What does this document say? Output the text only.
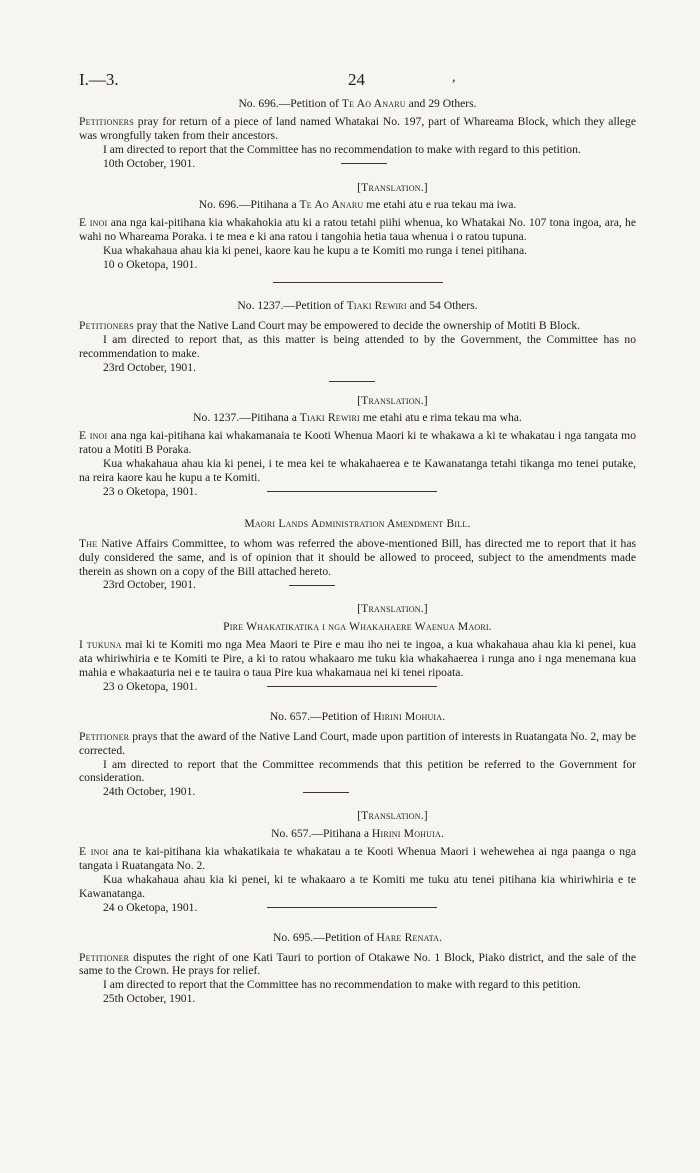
I.—3.	24	,
No. 696.—Petition of Te Ao Anaru and 29 Others.

Petitioners pray for return of a piece of land named Whatakai No. 197, part of Whareama Block, which they allege was wrongfully taken from their ancestors.

I am directed to report that the Committee has no recommendation to make with regard to this petition.

10th October, 1901.
[Translation.]
No. 696.—Pitihana a Te Ao Anaru me etahi atu e rua tekau ma iwa.

E inoi ana nga kai-pitihana kia whakahokia atu ki a ratou tetahi piihi whenua, ko Whatakai No. 107 tona ingoa, ara, he wahi no Whareama Poraka. i te mea e ki ana ratou i tangohia hetia taua whenua i o ratou tupuna.

Kua whakahaua ahau kia ki penei, kaore kau he kupu a te Komiti mo runga i tenei pitihana.

10 o Oketopa, 1901.

No. 1237.—Petition of Tiaki Rewiri and 54 Others.

Petitioners pray that the Native Land Court may be empowered to decide the ownership of Motiti B Block.

I am directed to report that, as this matter is being attended to by the Government, the Committee has no recommendation to make.

23rd October, 1901.

[Translation.]
No. 1237.—Pitihana a Tiaki Rewiri me etahi atu e rima tekau ma wha.

E inoi ana nga kai-pitihana kai whakamanaia te Kooti Whenua Maori ki te whakawa a ki te whakatau i nga tangata mo ratou a Motiti B Poraka.

Kua whakahaua ahau kia ki penei, i te mea kei te whakahaerea e te Kawanatanga tetahi tikanga mo tenei putake, na reira kaore kau he kupu a te Komiti.

23 o Oketopa, 1901.
Maori Lands Administration Amendment Bill.

The Native Affairs Committee, to whom was referred the above-mentioned Bill, has directed me to report that it has duly considered the same, and is of opinion that it should be allowed to proceed, subject to the amendments made therein as shown on a copy of the Bill attached hereto.

23rd October, 1901.
[Translation.]
Pire Whakatikatika i nga Whakahaere Waenua Maori.

I tukuna mai ki te Komiti mo nga Mea Maori te Pire e mau iho nei te ingoa, a kua whakahaua ahau kia ki penei, kua ata whiriwhiria e te Komiti te Pire, a ki to ratou whakaaro me tuku kia whakahaerea i runga ano i nga menemana kua mahia e whakaaturia nei e te tauira o taua Pire kua whakamaua nei ki tenei ripoata.

23 o Oketopa, 1901.
No. 657.—Petition of Hirini Mohuia.

Petitioner prays that the award of the Native Land Court, made upon partition of interests in Ruatangata No. 2, may be corrected.

I am directed to report that the Committee recommends that this petition be referred to the Government for consideration.

24th October, 1901.
[Translation.]
No. 657.—Pitihana a Hirini Mohuia.

E inoi ana te kai-pitihana kia whakatikaia te whakatau a te Kooti Whenua Maori i wehewehea ai nga paanga o nga tangata i Ruatangata No. 2.

Kua whakahaua ahau kia ki penei, ki te whakaaro a te Komiti me tuku atu tenei pitihana kia whiriwhiria e te Kawanatanga.

24 o Oketopa, 1901.
No. 695.—Petition of Hare Renata.

Petitioner disputes the right of one Kati Tauri to portion of Otakawe No. 1 Block, Piako district, and the sale of the same to the Crown. He prays for relief.

I am directed to report that the Committee has no recommendation to make with regard to this petition.

25th October, 1901.
